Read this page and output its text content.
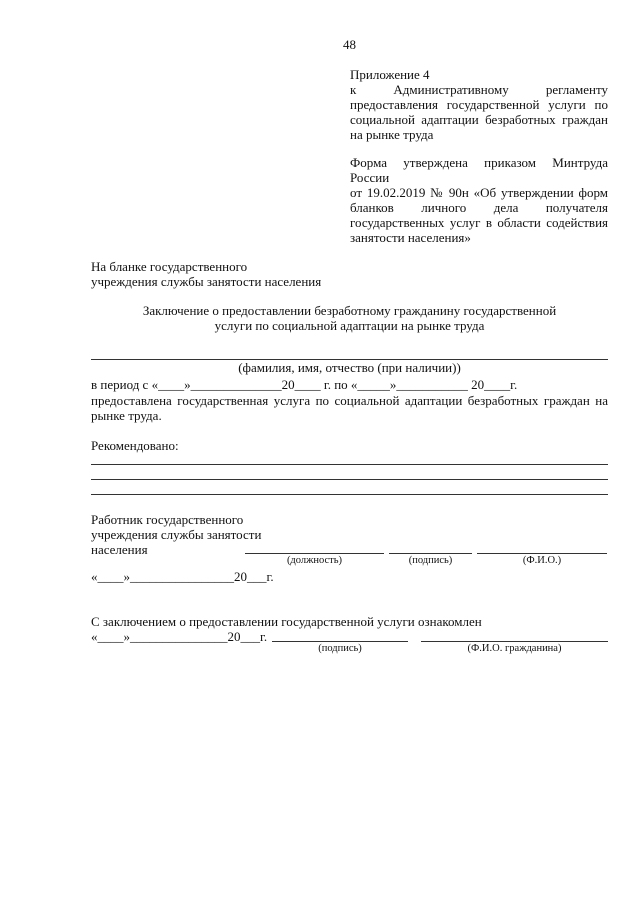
48
Приложение 4
к	Административному	регламенту
предоставления государственной услуги по
социальной адаптации безработных граждан
на рынке труда
Форма утверждена приказом Минтруда России
от 19.02.2019 № 90н «Об утверждении форм
бланков личного дела получателя
государственных услуг в области содействия
занятости населения»
На бланке государственного
учреждения службы занятости населения
Заключение о предоставлении безработному гражданину государственной
услуги по социальной адаптации на рынке труда
(фамилия, имя, отчество (при наличии))
в период с «____»______________20____ г. по «_____»___________ 20____г.
предоставлена государственная услуга по социальной адаптации безработных граждан на
рынке труда.
Рекомендовано:
Работник государственного
учреждения службы занятости
населения
(должность)	(подпись)	(Ф.И.О.)
«____»________________20___г.
С заключением о предоставлении государственной услуги ознакомлен
«____»_______________20___г.
(подпись)	(Ф.И.О. гражданина)
